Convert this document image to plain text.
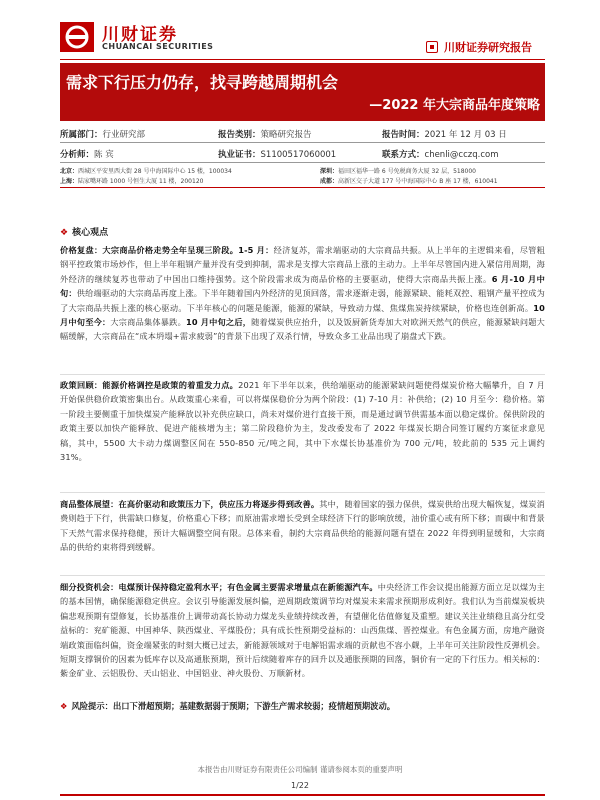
川财证券
CHUANCAI SECURITIES	川财证券研究报告
需求下行压力仍存，找寻跨越周期机会
—2022 年大宗商品年度策略
所属部门：行业研究部	报告类别：策略研究报告	报告时间：2021 年 12 月 03 日
分析师：陈 宾	执业证书：S1100517060001	联系方式：chenli@cczq.com
北京：西城区平安里西大街 28 号中海国际中心 15 楼，100034	深圳：福田区福华一路 6 号免税商务大厦 32 层，518000
上海：陆家嘴环路 1000 号恒生大厦 11 楼，200120	成都：高新区交子大道 177 号中海国际中心 B 座 17 楼，610041
❖ 核心观点
价格复盘：大宗商品价格走势全年呈现三阶段。1-5 月：经济复苏，需求端驱动的大宗商品共振。从上半年的主逻辑来看，尽管粗钢平控政策市场炒作，但上半年粗钢产量并没有受到抑制，需求是支撑大宗商品上涨的主动力。上半年尽管国内进入紧信用周期，海外经济的继续复苏也带动了中国出口维持强势。这个阶段需求成为商品价格的主要驱动，使得大宗商品共振上涨。6 月-10 月中旬：供给端驱动的大宗商品再度上涨。下半年随着国内外经济的见顶回落，需求逐渐走弱，能源紧缺、能耗双控、粗钢产量平控成为了大宗商品共振上涨的核心驱动。下半年核心的问题是能源，能源的紧缺，导致动力煤、焦煤焦炭持续紧缺，价格也连创新高。10 月中旬至今：大宗商品集体暴跌。10 月中旬之后，随着煤炭供应抬升，以及饭厨新货寿加大对欧洲天然气的供应，能源紧缺问题大幅缓解，大宗商品在“成本坍塌+需求疲弱”的背景下出现了双杀行情，导致众多工业品出现了崩盘式下跌。
政策回顾：能源价格调控是政策的着重发力点。2021 年下半年以来，供给端驱动的能源紧缺问题使得煤炭价格大幅攀升，自 7 月开始保供稳价政策密集出台。从政策重心来看，可以将煤保稳价分为两个阶段：(1) 7-10 月：补供给；(2) 10 月至今：稳价格。第一阶段主要侧重于加快煤炭产能释放以补充供应缺口，尚未对煤价进行直接干预，而是通过调节供需基本面以稳定煤价。保供阶段的政策主要以加快产能释放、促进产能核增为主；第二阶段稳价为主，发改委发布了 2022 年煤炭长期合同签订履约方案征求意见稿，其中，5500 大卡动力煤调整区间在 550-850 元/吨之间，其中下水煤长协基准价为 700 元/吨，较此前的 535 元上调约 31%。
商品整体展望：在高价驱动和政策压力下，供应压力将逐步得到改善。其中，随着国家的强力保供，煤炭供给出现大幅恢复，煤炭消费则趋于下行，供需缺口修复，价格重心下移；而原油需求增长受到全球经济下行的影响放缓，油价重心或有所下移；而碳中和背景下天然气需求保持稳健，预计大幅调整空间有限。总体来看，制约大宗商品供给的能源问题有望在 2022 年得到明显缓和，大宗商品的供给约束将得到缓解。
细分投资机会：电煤预计保持稳定盈利水平；有色金属主要需求增量点在新能源汽车。中央经济工作会议提出能源方面立足以煤为主的基本国情，确保能源稳定供应。会议引导能源发展纠偏，逆周期政策调节均对煤炭未来需求预期形成利好。我们认为当前煤炭板块偏悲观预期有望修复，长协基准价上调带动高长协动力煤龙头业绩持续改善，有望催化估值修复及重塑。建议关注业绩稳且高分红受益标的：兖矿能源、中国神华、陕西煤业、平煤股份；具有成长性预期受益标的：山西焦煤、晋控煤业。有色金属方面，房地产融资端政策面临纠偏，资金端紧张的时刻大概已过去，新能源领域对于电解铝需求端的贡献也不容小觑，上半年可关注阶段性反弹机会。短期支撑铜价的因素为低库存以及高通胀预期，预计后续随着库存的回升以及通胀预期的回落，铜价有一定的下行压力。相关标的：紫金矿业、云铝股份、天山铝业、中国铝业、神火股份、万顺新材。
❖ 风险提示：出口下滑超预期；基建数据弱于预期；下游生产需求较弱；疫情超预期波动。
本报告由川财证券有限责任公司编制 谨请参阅本页的重要声明
1/22
